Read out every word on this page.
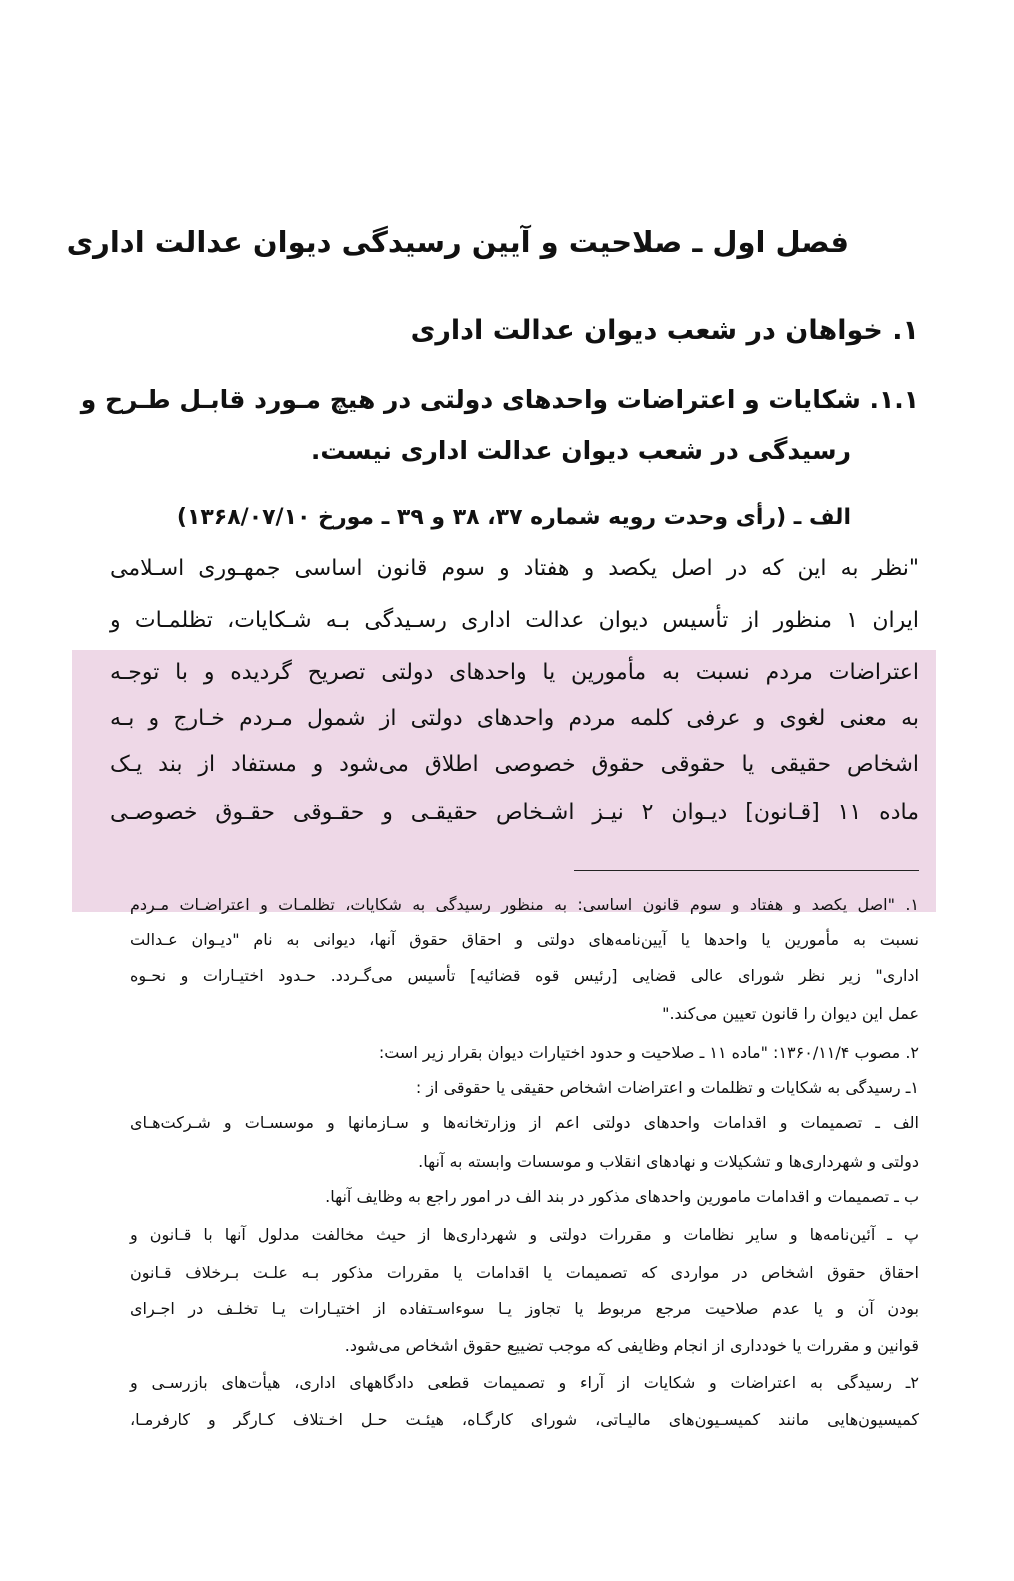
فصل اول ـ صلاحیت و آیین رسیدگی دیوان عدالت اداری
۱. خواهان در شعب دیوان عدالت اداری
۱.۱. شکایات و اعتراضات واحدهای دولتی در هیچ مـورد قابـل طـرح و
رسیدگی در شعب دیوان عدالت اداری نیست.
الف ـ (رأی وحدت رویه شماره ۳۷، ۳۸ و ۳۹ ـ مورخ ۱۳۶۸/۰۷/۱۰)
"نظر به این که در اصل یکصد و هفتاد و سوم قانون اساسی جمهـوری اسـلامی
ایران ۱ منظور از تأسیس دیوان عدالت اداری رسـیدگی بـه شـکایات، تظلمـات و
اعتراضات مردم نسبت به مأمورین یا واحدهای دولتی تصریح گردیده و با توجـه
به معنی لغوی و عرفی کلمه مردم واحدهای دولتی از شمول مـردم خـارج و بـه
اشخاص حقیقی یا حقوقی حقوق خصوصی اطلاق می‌شود و مستفاد از بند یـک
ماده ۱۱ [قـانون] دیـوان ۲ نیـز اشـخاص حقیقـی و حقـوقی حقـوق خصوصـی
۱. "اصل یکصد و هفتاد و سوم قانون اساسی: به منظور رسیدگی به شکایات، تظلمـات و اعتراضـات مـردم
نسبت به مأمورین یا واحدها یا آیین‌نامه‌های دولتی و احقاق حقوق آنها، دیوانی به نام "دیـوان عـدالت
اداری" زیر نظر شورای عالی قضایی [رئیس قوه قضائیه] تأسیس می‌گـردد. حـدود اختیـارات و نحـوه
عمل این دیوان را قانون تعیین می‌کند."
۲. مصوب ۱۳۶۰/۱۱/۴: "ماده ۱۱ ـ صلاحیت و حدود اختیارات دیوان بقرار زیر است:
۱ـ رسیدگی به شکایات و تظلمات و اعتراضات اشخاص حقیقی یا حقوقی از :
الف ـ تصمیمات و اقدامات واحدهای دولتی اعم از وزارتخانه‌ها و سـازمانها و موسسـات و شـرکت‌هـای
دولتی و شهرداری‌ها و تشکیلات و نهادهای انقلاب و موسسات وابسته به آنها.
ب ـ تصمیمات و اقدامات مامورین واحدهای مذکور در بند الف در امور راجع به وظایف آنها.
پ ـ آئین‌نامه‌ها و سایر نظامات و مقررات دولتی و شهرداری‌ها از حیث مخالفت مدلول آنها با قـانون و
احقاق حقوق اشخاص در مواردی که تصمیمات یا اقدامات یا مقررات مذکور بـه علـت بـرخلاف قـانون
بودن آن و یا عدم صلاحیت مرجع مربوط یا تجاوز یـا سوءاسـتفاده از اختیـارات یـا تخلـف در اجـرای
قوانین و مقررات یا خودداری از انجام وظایفی که موجب تضییع حقوق اشخاص می‌شود.
۲ـ رسیدگی به اعتراضات و شکایات از آراء و تصمیمات قطعی دادگاههای اداری، هیأت‌های بازرسـی و
کمیسیون‌هایی مانند کمیسـیون‌های مالیـاتی، شورای کارگـاه، هیئـت حـل اخـتلاف کـارگر و کارفرمـا،
